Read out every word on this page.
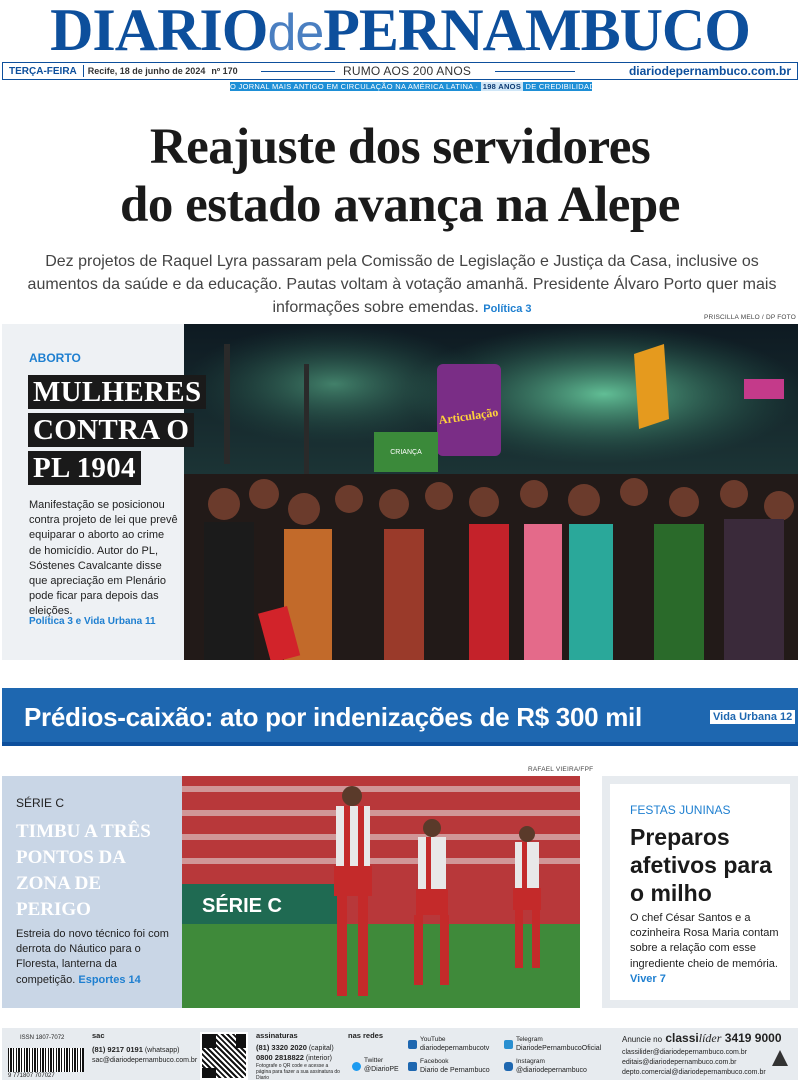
DIARIOdePERNAMBUCO
TERÇA-FEIRA	Recife, 18 de junho de 2024 nº 170	RUMO AOS 200 ANOS	diariodepernambuco.com.br
O JORNAL MAIS ANTIGO EM CIRCULAÇÃO NA AMÉRICA LATINA · 198 ANOS DE CREDIBILIDADE
Reajuste dos servidores
do estado avança na Alepe

Dez projetos de Raquel Lyra passaram pela Comissão de Legislação e Justiça da Casa, inclusive os aumentos da saúde e da educação. Pautas voltam à votação amanhã. Presidente Álvaro Porto quer mais informações sobre emendas. Política 3

PRISCILLA MELO / DP FOTO
Articulação
CRIANÇA
ABORTO
MULHERES
CONTRA O
PL 1904

Manifestação se posicionou contra projeto de lei que prevê equiparar o aborto ao crime de homicídio. Autor do PL, Sóstenes Cavalcante disse que apreciação em Plenário pode ficar para depois das eleições.

Política 3 e Vida Urbana 11
Prédios-caixão: ato por indenizações de R$ 300 mil	Vida Urbana 12
RAFAEL VIEIRA/FPF
SÉRIE C
TIMBU A TRÊS PONTOS DA ZONA DE PERIGO

Estreia do novo técnico foi com derrota do Náutico para o Floresta, lanterna da competição. Esportes 14

SÉRIE C
FESTAS JUNINAS
Preparos afetivos para o milho

O chef César Santos e a cozinheira Rosa Maria contam sobre a relação com esse ingrediente cheio de memória. Viver 7

ISSN 1807-7072
9 771807 707027
sac
(81) 9217 0191 (whatsapp)
sac@diariodepernambuco.com.br
assinaturas
(81) 3320 2020 (capital)
0800 2818822 (interior)
Fotografe o QR code e acesse a página para fazer a sua assinatura do Diario
nas redes
Twitter
@DiarioPE
YouTube
diariodepernambucotv
Facebook
Diario de Pernambuco
Telegram
DiariodePernambucoOficial
Instagram
@diariodepernambuco
Anuncie no classilíder 3419 9000
classilider@diariodepernambuco.com.br
editais@diariodepernambuco.com.br
depto.comercial@diariodepernambuco.com.br
